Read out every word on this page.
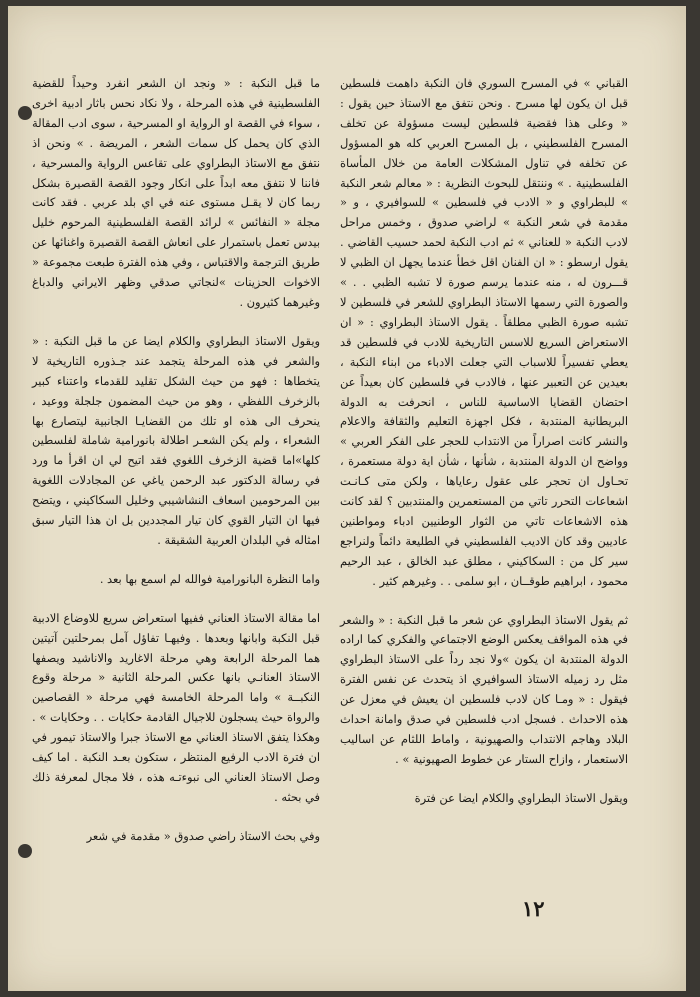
القباني » في المسرح السوري فان النكبة داهمت فلسطين قبل ان يكون لها مسرح . ونحن نتفق مع الاستاذ حين يقول : « وعلى هذا فقضية فلسطين ليست مسؤولة عن تخلف المسرح الفلسطيني ، بل المسرح العربي كله هو المسؤول عن تخلفه في تناول المشكلات العامة من خلال المأساة الفلسطينية . » وننتقل للبحوث النظرية : « معالم شعر النكبة » للبطراوي و « الادب في فلسطين » للسوافيري ، و « مقدمة في شعر النكبة » لراضي صدوق ، وخمس مراحل لادب النكبة « للعناني » ثم ادب النكبة لحمد حسيب القاضي . يقول ارسطو : « ان الفنان اقل خطأ عندما يجهل ان الظبي لا قـــرون له ، منه عندما يرسم صورة لا تشبه الظبي . . » والصورة التي رسمها الاستاذ البطراوي للشعر في فلسطين لا تشبه صورة الظبي مطلقاً . يقول الاستاذ البطراوي : « ان الاستعراض السريع للاسس التاريخية للادب في فلسطين قد يعطي تفسيراً للاسباب التي جعلت الادباء من ابناء النكبة ، بعيدين عن التعبير عنها ، فالادب في فلسطين كان بعيداً عن احتضان القضايا الاساسية للناس ، انحرفت به الدولة البريطانية المنتدبة ، فكل اجهزة التعليم والثقافة والاعلام والنشر كانت اصراراً من الانتداب للحجر على الفكر العربي » وواضح ان الدولة المنتدبة ، شأنها ، شأن اية دولة مستعمرة ، تحـاول ان تحجر على عقول رعاياها ، ولكن متى كـانـت اشعاعات التحرر تاتي من المستعمرين والمنتدبين ؟ لقد كانت هذه الاشعاعات تاتي من الثوار الوطنيين ادباء ومواطنين عاديين وقد كان الاديب الفلسطيني في الطليعة دائماً ولنراجع سير كل من : السكاكيني ، مطلق عبد الخالق ، عبد الرحيم محمود ، ابراهيم طوقــان ، ابو سلمى . . وغيرهم كثير .

ثم يقول الاستاذ البطراوي عن شعر ما قبل النكبة : « والشعر في هذه المواقف يعكس الوضع الاجتماعي والفكري كما اراده الدولة المنتدبة ان يكون »ولا نجد رداً على الاستاذ البطراوي مثل رد زميله الاستاذ السوافيري اذ يتحدث عن نفس الفترة فيقول : « ومـا كان لادب فلسطين ان يعيش في معزل عن هذه الاحداث . فسجل ادب فلسطين في صدق وامانة احداث البلاد وهاجم الانتداب والصهيونية ، واماط اللثام عن اساليب الاستعمار ، وازاح الستار عن خطوط الصهيونية » .

ويقول الاستاذ البطراوي والكلام ايضا عن فترة

ما قبل النكبة : « ونجد ان الشعر انفرد وحيداً للقضية الفلسطينية في هذه المرحلة ، ولا نكاد نحس باثار ادبية اخرى ، سواء في القصة او الرواية او المسرحية ، سوى ادب المقالة الذي كان يحمل كل سمات الشعر ، المريضة . » ونحن اذ نتفق مع الاستاذ البطراوي على تقاعس الرواية والمسرحية ، فاننا لا نتفق معه ابداً على انكار وجود القصة القصيرة بشكل ربما كان لا يقـل مستوى عنه في اي بلد عربي . فقد كانت مجلة « النفائس » لرائد القصة الفلسطينية المرحوم خليل بيدس تعمل باستمرار على انعاش القصة القصيرة واغنائها عن طريق الترجمة والاقتباس ، وفي هذه الفترة طبعت مجموعة « الاخوات الحزينات »لنجاتي صدقي وظهر الايراني والدباغ وغيرهما كثيرون .

ويقول الاستاذ البطراوي والكلام ايضا عن ما قبل النكبة : « والشعر في هذه المرحلة يتجمد عند جـذوره التاريخية لا يتخطاها : فهو من حيث الشكل تقليد للقدماء واعتناء كبير بالزخرف اللفظي ، وهو من حيث المضمون جلجلة ووعيد ، ينحرف الى هذه او تلك من القضايـا الجانبية ليتصارع بها الشعراء ، ولم يكن الشعـر اطلالة بانورامية شاملة لفلسطين كلها»اما قضية الزخرف اللغوي فقد اتيح لي ان اقرأ ما ورد في رسالة الدكتور عبد الرحمن ياغي عن المجادلات اللغوية بين المرحومين اسعاف النشاشيبي وخليل السكاكيني ، ويتضح فيها ان التيار القوي كان تيار المجددين بل ان هذا التيار سبق امثاله في البلدان العربية الشقيقة .

واما النظرة البانورامية فوالله لم اسمع بها بعد .

اما مقالة الاستاذ العناني ففيها استعراض سريع للاوضاع الادبية قبل النكبة وابانها وبعدها . وفيهـا تفاؤل آمل بمرحلتين آتيتين هما المرحلة الرابعة وهي مرحلة الاغاريد والاناشيد ويصفها الاستاذ العنانـي بانها عكس المرحلة الثانية « مرحلة وقوع النكبــة » واما المرحلة الخامسة فهي مرحلة « القصاصين والرواة حيث يسجلون للاجيال القادمة حكايات . . وحكايات » . وهكذا يتفق الاستاذ العناني مع الاستاذ جبرا والاستاذ تيمور في ان فترة الادب الرفيع المنتظر ، ستكون بعـد النكبة . اما كيف وصل الاستاذ العناني الى نبوءتـه هذه ، فلا مجال لمعرفة ذلك في بحثه .

وفي بحث الاستاذ راضي صدوق « مقدمة في شعر

١٢
